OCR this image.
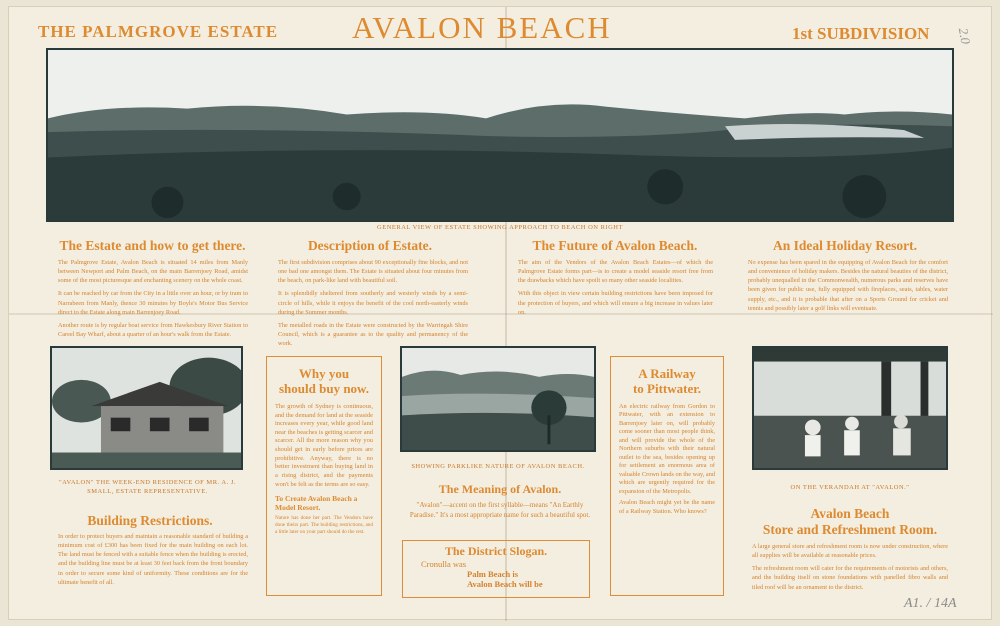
THE PALMGROVE ESTATE AVALON BEACH	1st SUBDIVISION 2.0
A1. / 14A
GENERAL VIEW OF ESTATE SHOWING APPROACH TO BEACH ON RIGHT
The Estate and how to get there.

The Palmgrove Estate, Avalon Beach is situated 14 miles from Manly between Newport and Palm Beach, on the main Barrenjoey Road, amidst some of the most picturesque and enchanting scenery on the whole coast.

It can be reached by car from the City in a little over an hour, or by tram to Narrabeen from Manly, thence 30 minutes by Boyle's Motor Bus Service direct to the Estate along main Barrenjoey Road.

Another route is by regular boat service from Hawkesbury River Station to Careel Bay Wharf, about a quarter of an hour's walk from the Estate.

Description of Estate.

The first subdivision comprises about 90 exceptionally fine blocks, and not one bad one amongst them. The Estate is situated about four minutes from the beach, on park-like land with beautiful soil.

It is splendidly sheltered from southerly and westerly winds by a semi-circle of hills, while it enjoys the benefit of the cool north-easterly winds during the Summer months.

The metalled roads in the Estate were constructed by the Warringah Shire Council, which is a guarantee as to the quality and permanency of the work.

The Future of Avalon Beach.

The aim of the Vendors of the Avalon Beach Estates—of which the Palmgrove Estate forms part—is to create a model seaside resort free from the drawbacks which have spoilt so many other seaside localities.

With this object in view certain building restrictions have been imposed for the protection of buyers, and which will ensure a big increase in values later on.

An Ideal Holiday Resort.

No expense has been spared in the equipping of Avalon Beach for the comfort and convenience of holiday makers. Besides the natural beauties of the district, probably unequalled in the Commonwealth, numerous parks and reserves have been given for public use, fully equipped with fireplaces, seats, tables, water supply, etc., and it is probable that after on a Sports Ground for cricket and tennis and possibly later a golf links will eventuate.

"AVALON" THE WEEK-END RESIDENCE OF MR. A. J. SMALL, ESTATE REPRESENTATIVE.
Building Restrictions.

In order to protect buyers and maintain a reasonable standard of building a minimum cost of £300 has been fixed for the main building on each lot. The land must be fenced with a suitable fence when the building is erected, and the building line must be at least 30 feet back from the front boundary in order to secure some kind of uniformity. These conditions are for the ultimate benefit of all.

Why you
should buy now.
The growth of Sydney is continuous, and the demand for land at the seaside increases every year, while good land near the beaches is getting scarcer and scarcer. All the more reason why you should get in early before prices are prohibitive. Anyway, there is no better investment than buying land in a rising district, and the payments won't be felt as the terms are so easy.
To Create Avalon Beach a Model Resort.
Nature has done her part. The Vendors have done theirs part. The building restrictions, and a little later on your part should do the rest.
SHOWING PARKLIKE NATURE OF AVALON BEACH.
The Meaning of Avalon.
"Avalon"—accent on the first syllable—means "An Earthly Paradise." It's a most appropriate name for such a beautiful spot.
The District Slogan.
Cronulla was
Palm Beach is
Avalon Beach will be
A Railway
to Pittwater.
An electric railway from Gordon to Pittwater, with an extension to Barrenjoey later on, will probably come sooner than most people think, and will provide the whole of the Northern suburbs with their natural outlet to the sea, besides opening up for settlement an enormous area of valuable Crown lands on the way, and which are urgently required for the expansion of the Metropolis.
Avalon Beach might yet be the name of a Railway Station. Who knows?
ON THE VERANDAH AT "AVALON."
Avalon Beach
Store and Refreshment Room.

A large general store and refreshment room is now under construction, where all supplies will be available at reasonable prices.

The refreshment room will cater for the requirements of motorists and others, and the building itself on stone foundations with panelled fibro walls and tiled roof will be an ornament to the district.
